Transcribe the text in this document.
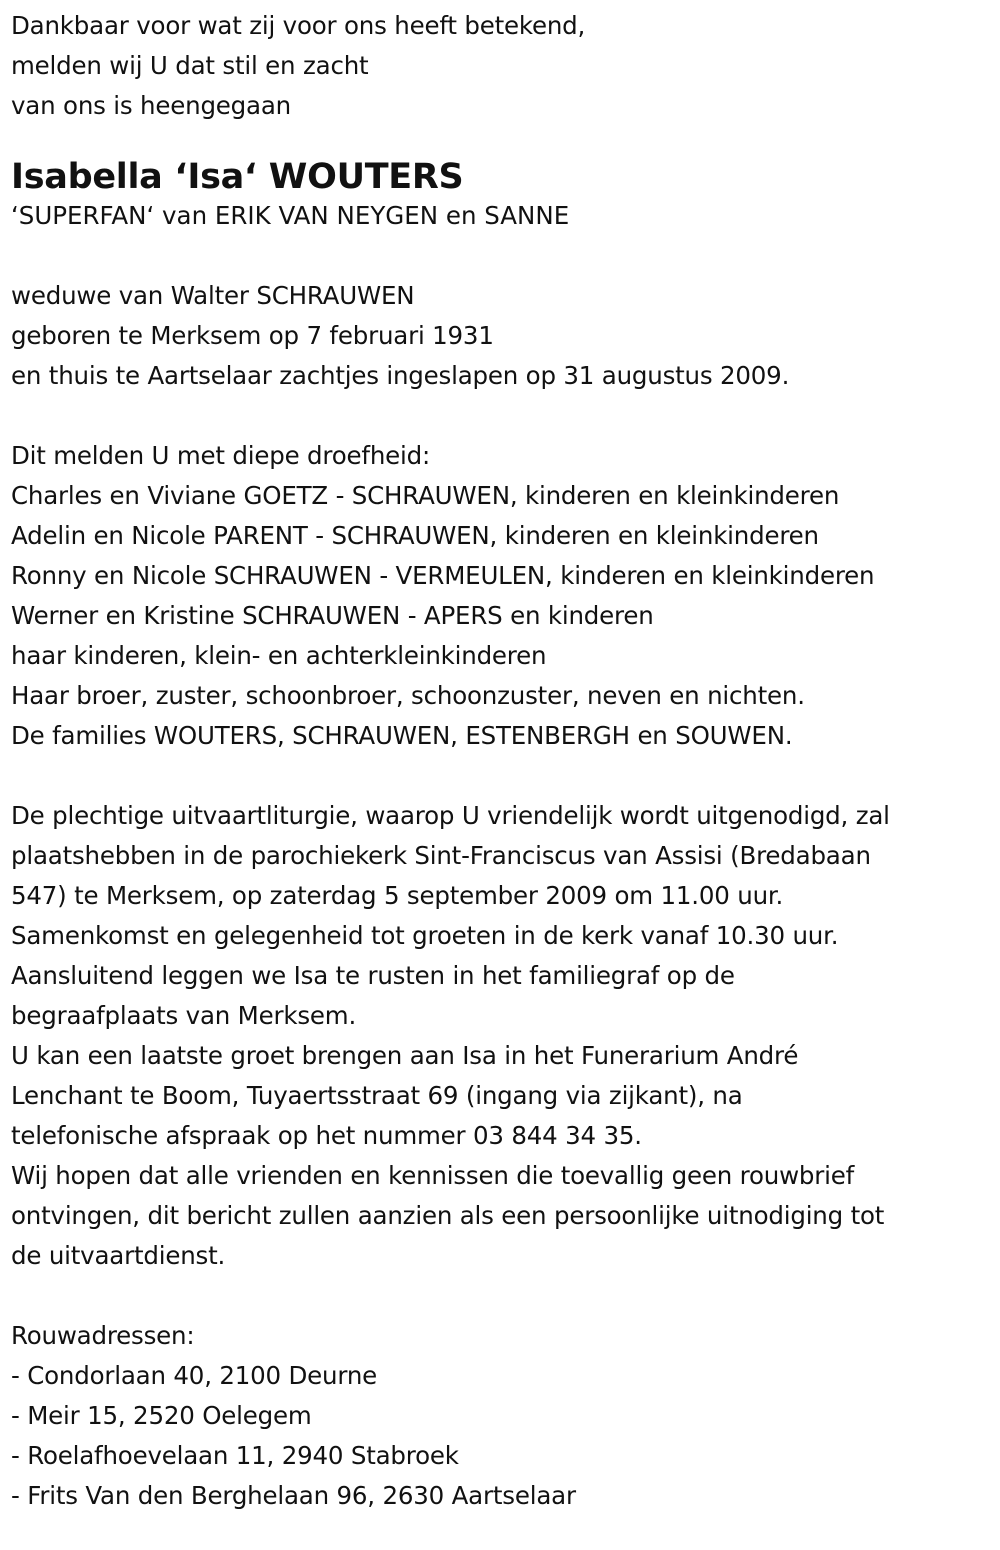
Dankbaar voor wat zij voor ons heeft betekend,
melden wij U dat stil en zacht
van ons is heengegaan
Isabella ‘Isa‘ WOUTERS
‘SUPERFAN‘ van ERIK VAN NEYGEN en SANNE
weduwe van Walter SCHRAUWEN
geboren te Merksem op 7 februari 1931
en thuis te Aartselaar zachtjes ingeslapen op 31 augustus 2009.
Dit melden U met diepe droefheid:
Charles en Viviane GOETZ - SCHRAUWEN, kinderen en kleinkinderen
Adelin en Nicole PARENT - SCHRAUWEN, kinderen en kleinkinderen
Ronny en Nicole SCHRAUWEN - VERMEULEN, kinderen en kleinkinderen
Werner en Kristine SCHRAUWEN - APERS en kinderen
haar kinderen, klein- en achterkleinkinderen
Haar broer, zuster, schoonbroer, schoonzuster, neven en nichten.
De families WOUTERS, SCHRAUWEN, ESTENBERGH en SOUWEN.
De plechtige uitvaartliturgie, waarop U vriendelijk wordt uitgenodigd, zal
plaatshebben in de parochiekerk Sint-Franciscus van Assisi (Bredabaan
547) te Merksem, op zaterdag 5 september 2009 om 11.00 uur.
Samenkomst en gelegenheid tot groeten in de kerk vanaf 10.30 uur.
Aansluitend leggen we Isa te rusten in het familiegraf op de
begraafplaats van Merksem.
U kan een laatste groet brengen aan Isa in het Funerarium André
Lenchant te Boom, Tuyaertsstraat 69 (ingang via zijkant), na
telefonische afspraak op het nummer 03 844 34 35.
Wij hopen dat alle vrienden en kennissen die toevallig geen rouwbrief
ontvingen, dit bericht zullen aanzien als een persoonlijke uitnodiging tot
de uitvaartdienst.
Rouwadressen:
- Condorlaan 40, 2100 Deurne
- Meir 15, 2520 Oelegem
- Roelafhoevelaan 11, 2940 Stabroek
- Frits Van den Berghelaan 96, 2630 Aartselaar
